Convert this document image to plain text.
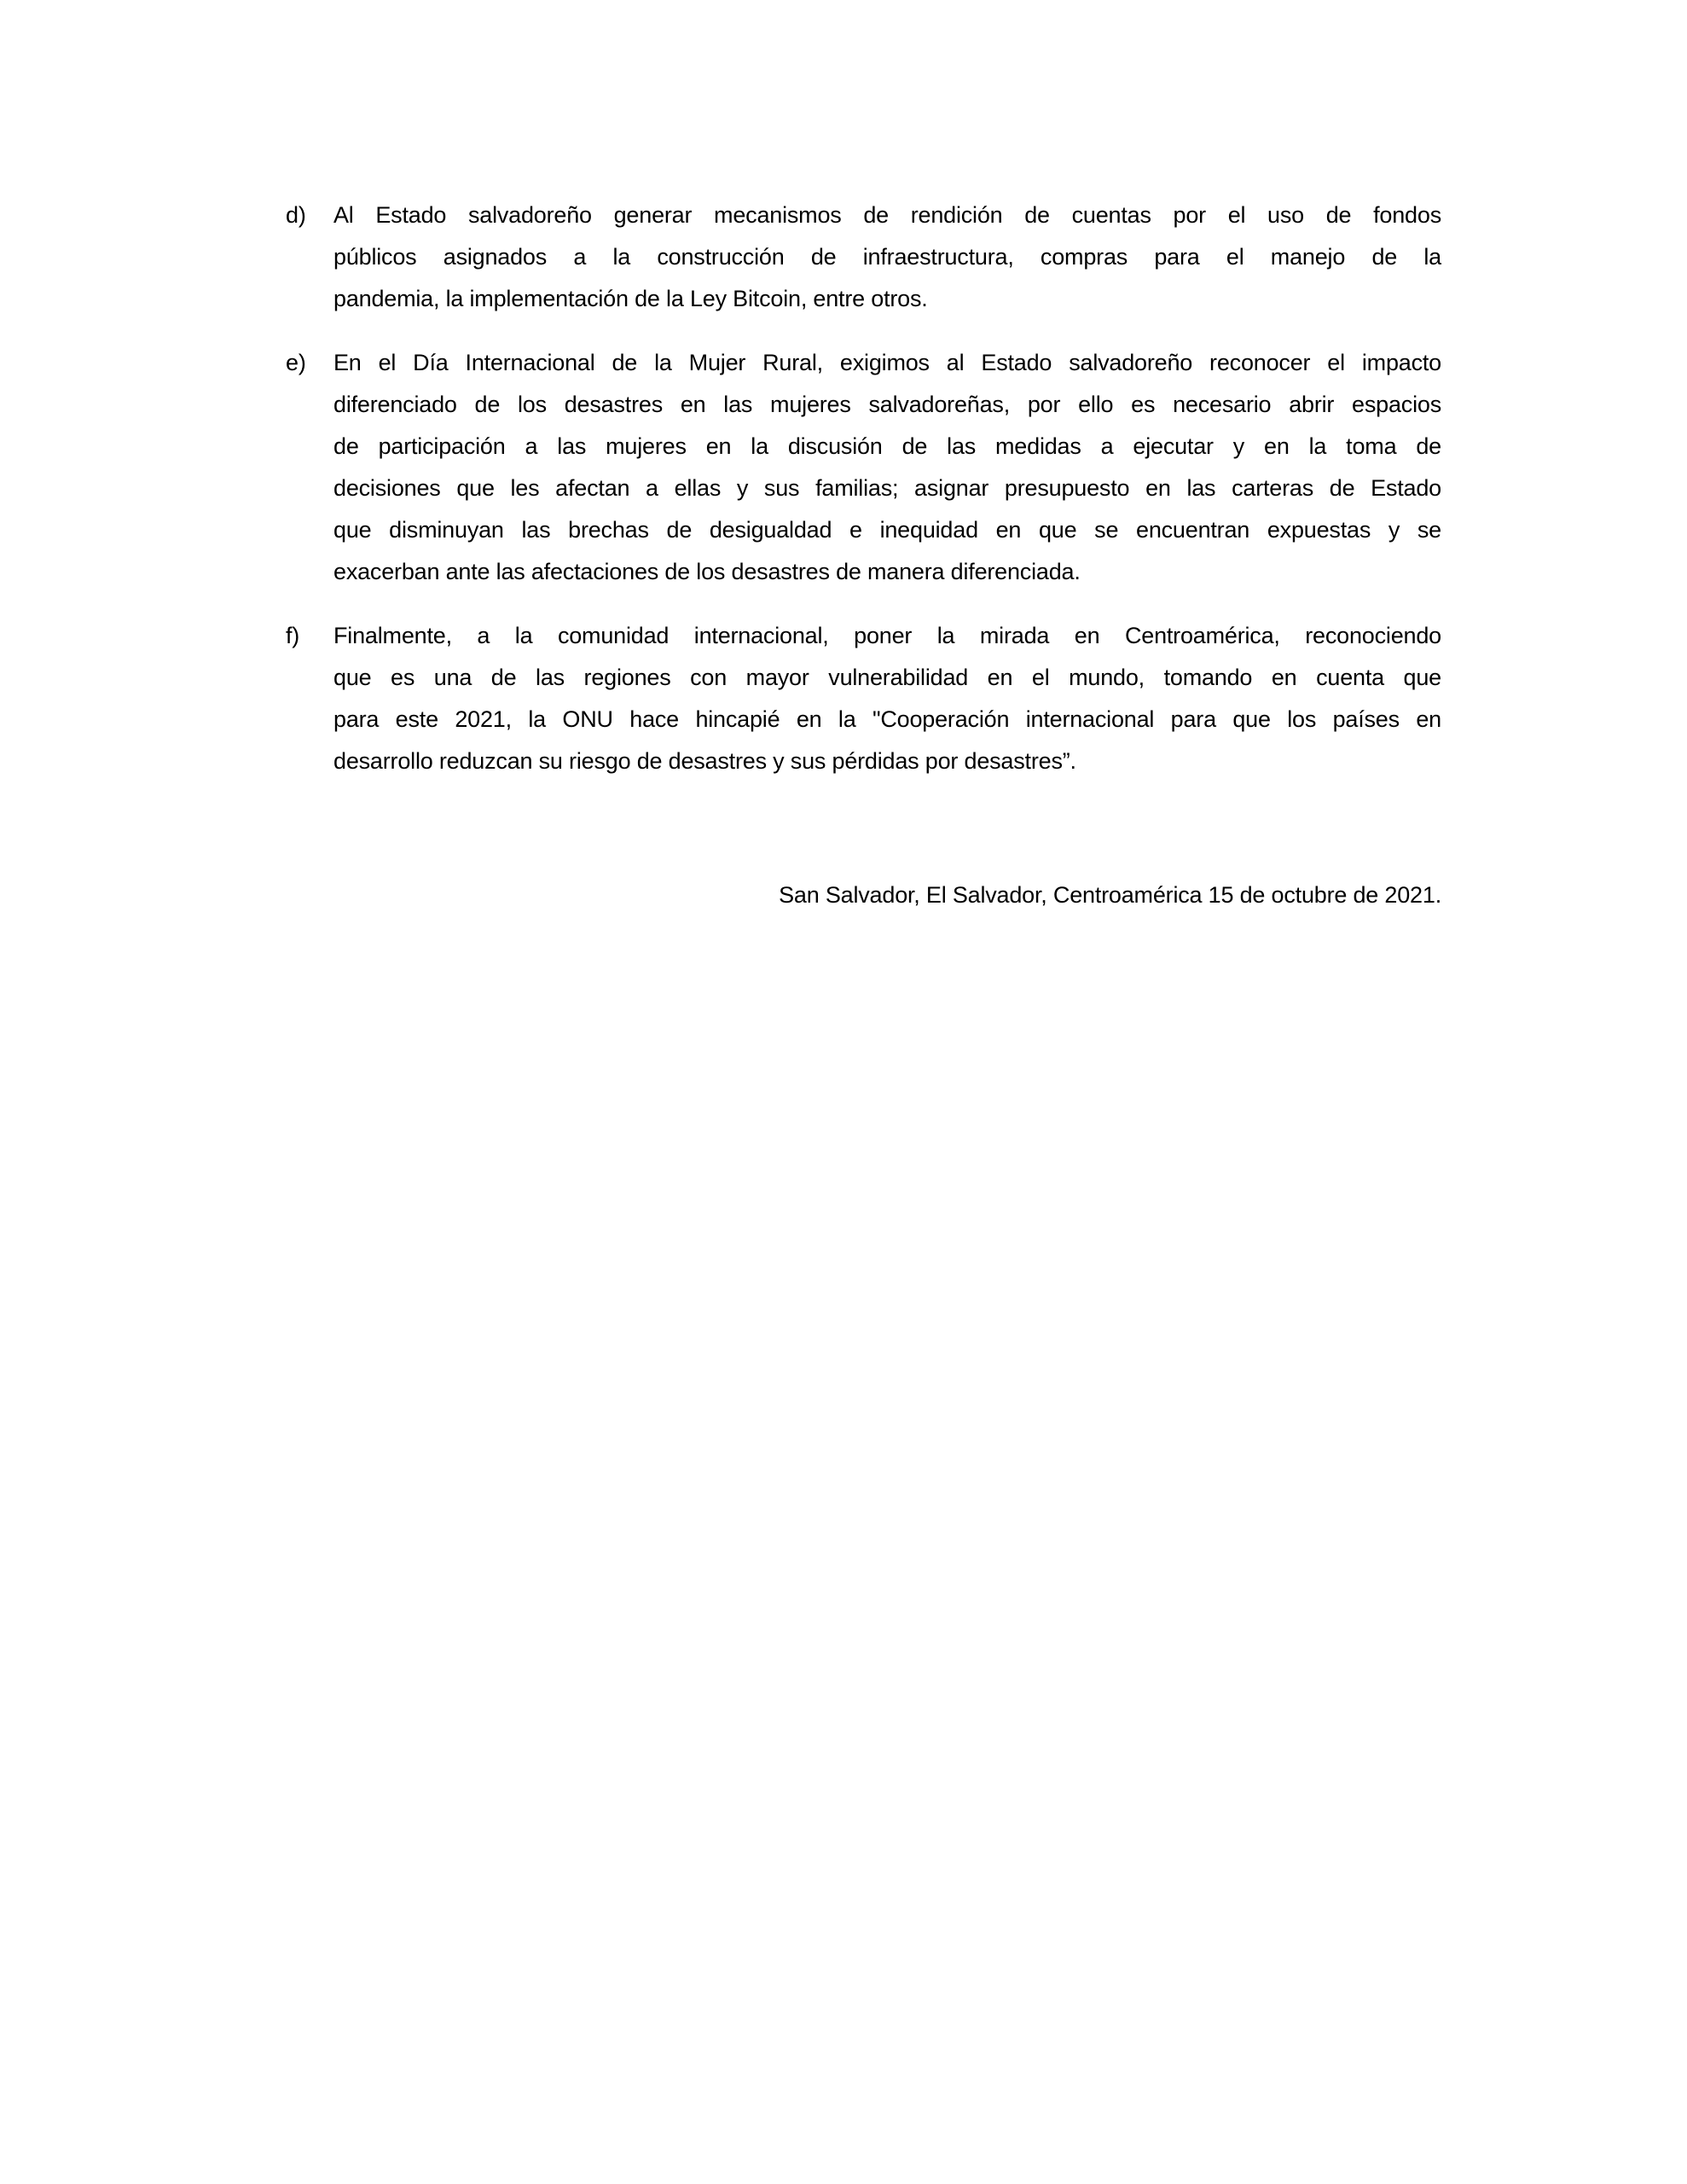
d)	Al Estado salvadoreño generar mecanismos de rendición de cuentas por el uso de fondos
públicos asignados a la construcción de infraestructura, compras para el manejo de la
pandemia, la implementación de la Ley Bitcoin, entre otros.
e)	En el Día Internacional de la Mujer Rural, exigimos al Estado salvadoreño reconocer el impacto
diferenciado de los desastres en las mujeres salvadoreñas, por ello es necesario abrir espacios
de participación a las mujeres en la discusión de las medidas a ejecutar y en la toma de
decisiones que les afectan a ellas y sus familias; asignar presupuesto en las carteras de Estado
que disminuyan las brechas de desigualdad e inequidad en que se encuentran expuestas y se
exacerban ante las afectaciones de los desastres de manera diferenciada.
f)	Finalmente, a la comunidad internacional, poner la mirada en Centroamérica, reconociendo
que es una de las regiones con mayor vulnerabilidad en el mundo, tomando en cuenta que
para este 2021, la ONU hace hincapié en la "Cooperación internacional para que los países en
desarrollo reduzcan su riesgo de desastres y sus pérdidas por desastres”.

San Salvador, El Salvador, Centroamérica 15 de octubre de 2021.
